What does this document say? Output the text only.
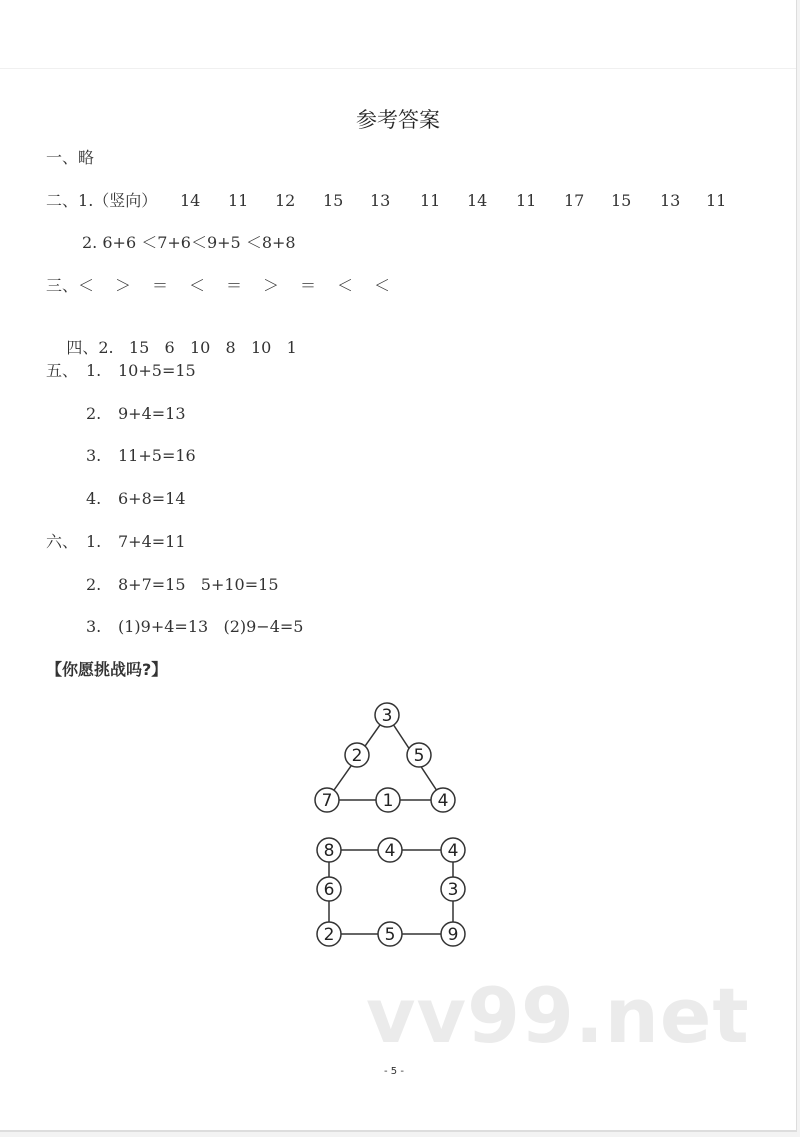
参考答案
vv99.net
一、略
二、1.（竖向） 14 11 12 15 13 11 14 11 17 15 13 11
2. 6+6 ＜7+6＜9+5 ＜8+8
三、＜ ＞ ＝ ＜ ＝ ＞ ＝ ＜ ＜

四、2.   15   6   10   8   10   1

五、 1. 10+5=15
2. 9+4=13
3. 11+5=16
4. 6+8=14
六、 1. 7+4=11
2. 8+7=15   5+10=15
3. (1)9+4=13   (2)9−4=5
【你愿挑战吗?】
3
2	5
7	1	4
8	4	4
6	3
2	5	9
- 5 -
